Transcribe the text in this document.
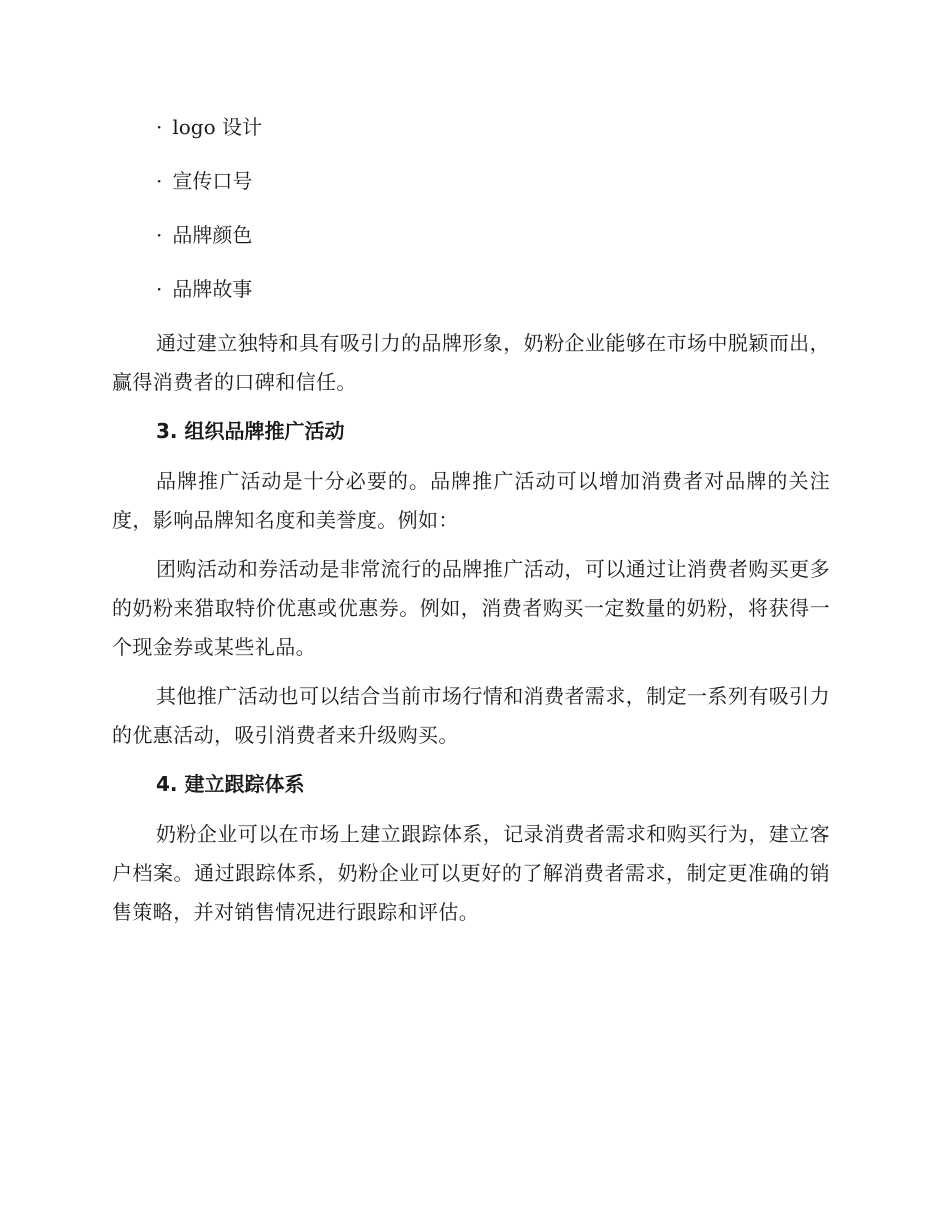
· logo 设计
· 宣传口号
· 品牌颜色
· 品牌故事

通过建立独特和具有吸引力的品牌形象，奶粉企业能够在市场中脱颖而出，赢得消费者的口碑和信任。

3. 组织品牌推广活动

品牌推广活动是十分必要的。品牌推广活动可以增加消费者对品牌的关注度，影响品牌知名度和美誉度。例如：

团购活动和券活动是非常流行的品牌推广活动，可以通过让消费者购买更多的奶粉来猎取特价优惠或优惠券。例如，消费者购买一定数量的奶粉，将获得一个现金券或某些礼品。

其他推广活动也可以结合当前市场行情和消费者需求，制定一系列有吸引力的优惠活动，吸引消费者来升级购买。

4. 建立跟踪体系

奶粉企业可以在市场上建立跟踪体系，记录消费者需求和购买行为，建立客户档案。通过跟踪体系，奶粉企业可以更好的了解消费者需求，制定更准确的销售策略，并对销售情况进行跟踪和评估。
